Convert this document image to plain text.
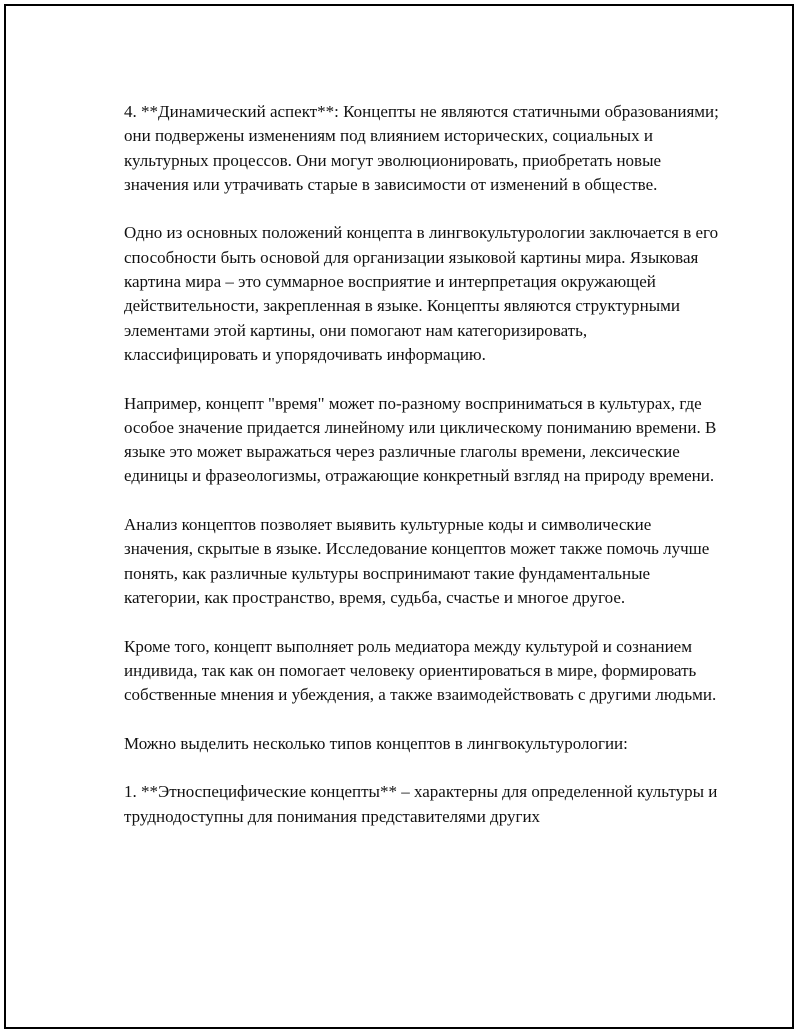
4. **Динамический аспект**: Концепты не являются статичными образованиями; они подвержены изменениям под влиянием исторических, социальных и культурных процессов. Они могут эволюционировать, приобретать новые значения или утрачивать старые в зависимости от изменений в обществе.

Одно из основных положений концепта в лингвокультурологии заключается в его способности быть основой для организации языковой картины мира. Языковая картина мира – это суммарное восприятие и интерпретация окружающей действительности, закрепленная в языке. Концепты являются структурными элементами этой картины, они помогают нам категоризировать, классифицировать и упорядочивать информацию.

Например, концепт "время" может по-разному восприниматься в культурах, где особое значение придается линейному или циклическому пониманию времени. В языке это может выражаться через различные глаголы времени, лексические единицы и фразеологизмы, отражающие конкретный взгляд на природу времени.

Анализ концептов позволяет выявить культурные коды и символические значения, скрытые в языке. Исследование концептов может также помочь лучше понять, как различные культуры воспринимают такие фундаментальные категории, как пространство, время, судьба, счастье и многое другое.

Кроме того, концепт выполняет роль медиатора между культурой и сознанием индивида, так как он помогает человеку ориентироваться в мире, формировать собственные мнения и убеждения, а также взаимодействовать с другими людьми.

Можно выделить несколько типов концептов в лингвокультурологии:

1. **Этноспецифические концепты** – характерны для определенной культуры и труднодоступны для понимания представителями других
